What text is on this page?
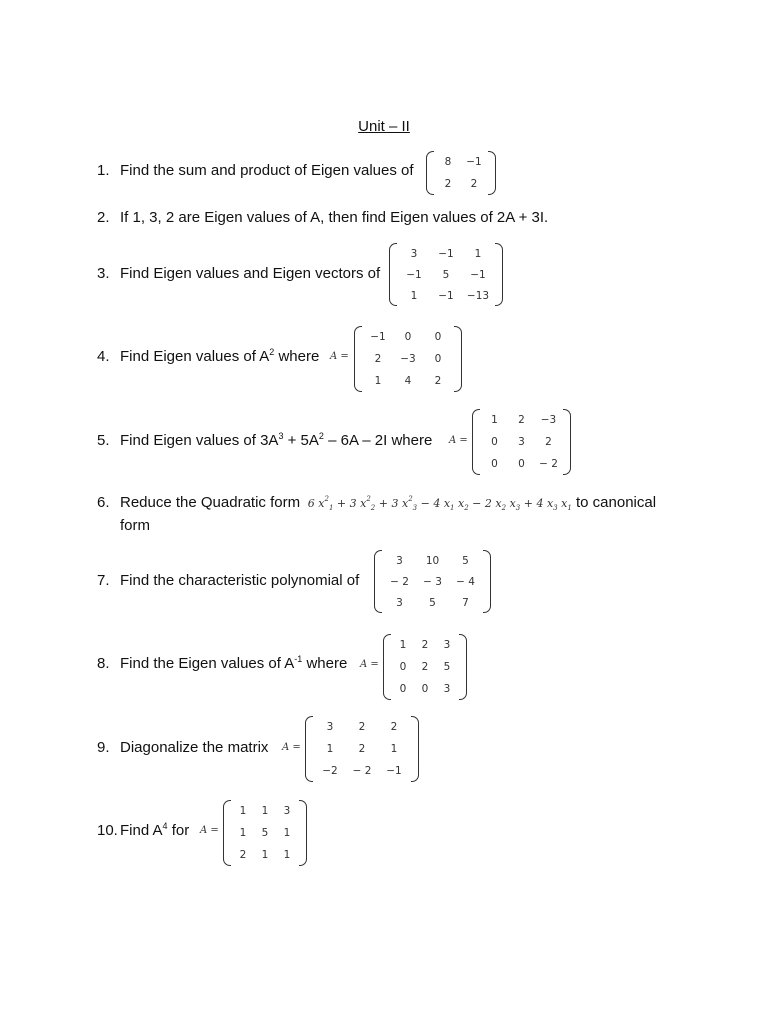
Unit – II
1. Find the sum and product of Eigen values of	8	−1
2	2
2. If 1, 3, 2 are Eigen values of A, then find Eigen values of 2A + 3I.
3. Find Eigen values and Eigen vectors of
3	−1	1
−1	5	−1
1	−1	−13
4. Find Eigen values of $A^2$ where A =
−1	0	0
2	−3	0
1	4	2
5. Find Eigen values of $3A^3 + 5A^2 - 6A - 2I$ where A =
1	2	−3
0	3	2
0	0	− 2
6. Reduce the Quadratic form  6 $x^2_1 + 3$ $x^2_2 + 3$ $x^2_3 - 4$ $x_1$ $x_2 - 2$ $x_2$ $x_3 + 4$ $x_3$ $x_1$ to canonical
form
7. Find the characteristic polynomial of
3	10	5
− 2	− 3	− 4
3	5	7
8. Find the Eigen values of $A^{-1}$ where A =
1	2	3
0	2	5
0	0	3
9. Diagonalize the matrix A =
3	2	2
1	2	1
−2	− 2	−1
10. Find $A^4$ for A =
1	1	3
1	5	1
2	1	1
